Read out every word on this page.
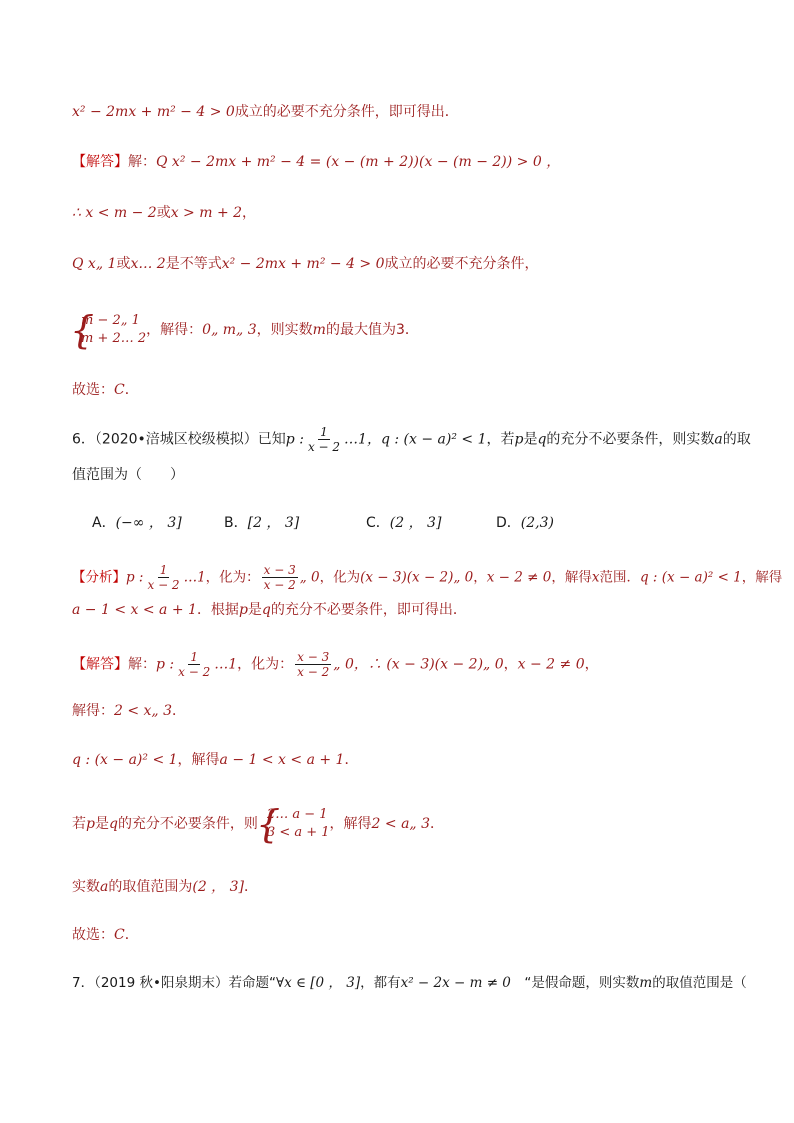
x² − 2mx + m² − 4 > 0成立的必要不充分条件，即可得出．
【解答】解：Q x² − 2mx + m² − 4 = (x − (m + 2))(x − (m − 2)) > 0 ，
∴ x < m − 2或x > m + 2，
Q x„ 1或x… 2是不等式x² − 2mx + m² − 4 > 0成立的必要不充分条件，
{ m − 2„ 1
m + 2… 2
，解得：0„ m„ 3，则实数m的最大值为3．
故选：C．
6．（2020•涪城区校级模拟）已知p : $\frac{1}{x - 2}$ …1，q : (x − a)² < 1，若p是q的充分不必要条件，则实数a的取
值范围为（　　）
A．(−∞ ， 3]	B．[2 ， 3]	C．(2 ， 3]	D．(2,3)
【分析】p : $\frac{1}{x - 2}$ …1，化为： $\frac{x - 3}{x - 2}$ „ 0，化为(x − 3)(x − 2)„ 0，x − 2 ≠ 0，解得x范围．q : (x − a)² < 1，解得
a − 1 < x < a + 1．根据p是q的充分不必要条件，即可得出．
【解答】解：p : $\frac{1}{x - 2}$ …1，化为： $\frac{x - 3}{x - 2}$ „ 0，∴ (x − 3)(x − 2)„ 0，x − 2 ≠ 0，
解得：2 < x„ 3．
q : (x − a)² < 1，解得a − 1 < x < a + 1．
若p是q的充分不必要条件，则
{ 2… a − 1
3 < a + 1
，解得2 < a„ 3．
实数a的取值范围为(2 ， 3]．
故选：C．
7．（2019 秋•阳泉期末）若命题“∀x ∈ [0 ， 3]，都有x² − 2x − m ≠ 0　“是假命题，则实数m的取值范围是（
